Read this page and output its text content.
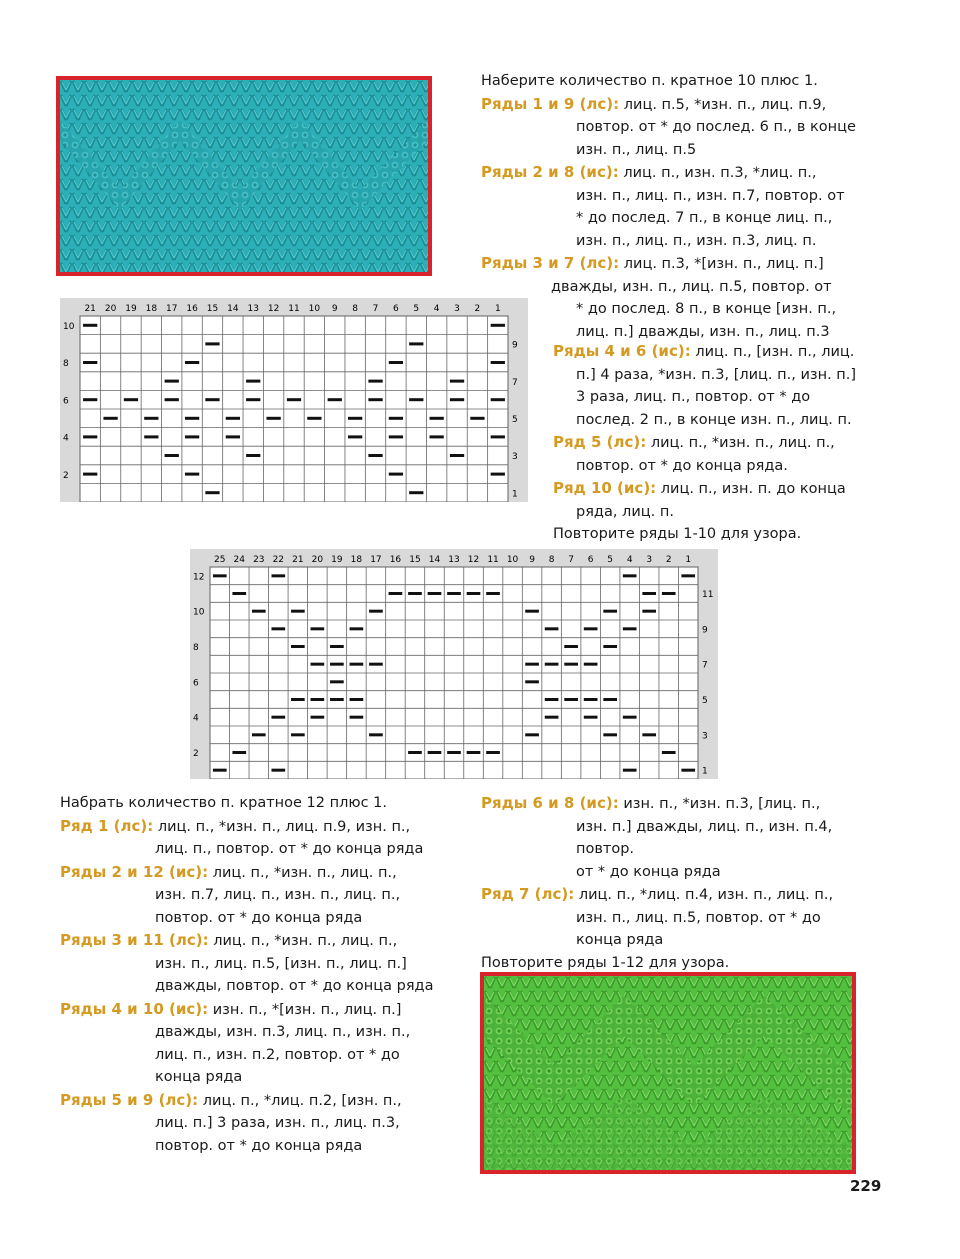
Наберите количество п. кратное 10 плюс 1.
Ряды 1 и 9 (лс): лиц. п.5, *изн. п., лиц. п.9,
повтор. от * до послед. 6 п., в конце
изн. п., лиц. п.5
Ряды 2 и 8 (ис): лиц. п., изн. п.3, *лиц. п.,
изн. п., лиц. п., изн. п.7, повтор. от
* до послед. 7 п., в конце лиц. п.,
изн. п., лиц. п., изн. п.3, лиц. п.
Ряды 3 и 7 (лс): лиц. п.3, *[изн. п., лиц. п.]
дважды, изн. п., лиц. п.5, повтор. от
* до послед. 8 п., в конце [изн. п.,
лиц. п.] дважды, изн. п., лиц. п.3
Ряды 4 и 6 (ис): лиц. п., [изн. п., лиц.
п.] 4 раза, *изн. п.3, [лиц. п., изн. п.]
3 раза, лиц. п., повтор. от * до
послед. 2 п., в конце изн. п., лиц. п.
Ряд 5 (лс): лиц. п., *изн. п., лиц. п.,
повтор. от * до конца ряда.
Ряд 10 (ис): лиц. п., изн. п. до конца
ряда, лиц. п.
Повторите ряды 1-10 для узора.
21 20 19 18 17 16 15 14 13 12 11 10 9 8 7 6 5 4 3 2 1
10
8
6
4
2
9
7
5
3
1
25 24 23 22 21 20 19 18 17 16 15 14 13 12 11 10 9 8 7 6 5 4 3 2 1
12
10
8
6
4
2
11
9
7
5
3
1
Набрать количество п. кратное 12 плюс 1.
Ряд 1 (лс): лиц. п., *изн. п., лиц. п.9, изн. п.,
лиц. п., повтор. от * до конца ряда
Ряды 2 и 12 (ис): лиц. п., *изн. п., лиц. п.,
изн. п.7, лиц. п., изн. п., лиц. п.,
повтор. от * до конца ряда
Ряды 3 и 11 (лс): лиц. п., *изн. п., лиц. п.,
изн. п., лиц. п.5, [изн. п., лиц. п.]
дважды, повтор. от * до конца ряда
Ряды 4 и 10 (ис): изн. п., *[изн. п., лиц. п.]
дважды, изн. п.3, лиц. п., изн. п.,
лиц. п., изн. п.2, повтор. от * до
конца ряда
Ряды 5 и 9 (лс): лиц. п., *лиц. п.2, [изн. п.,
лиц. п.] 3 раза, изн. п., лиц. п.3,
повтор. от * до конца ряда
Ряды 6 и 8 (ис): изн. п., *изн. п.3, [лиц. п.,
изн. п.] дважды, лиц. п., изн. п.4,
повтор.
от * до конца ряда
Ряд 7 (лс): лиц. п., *лиц. п.4, изн. п., лиц. п.,
изн. п., лиц. п.5, повтор. от * до
конца ряда
Повторите ряды 1-12 для узора.
229
